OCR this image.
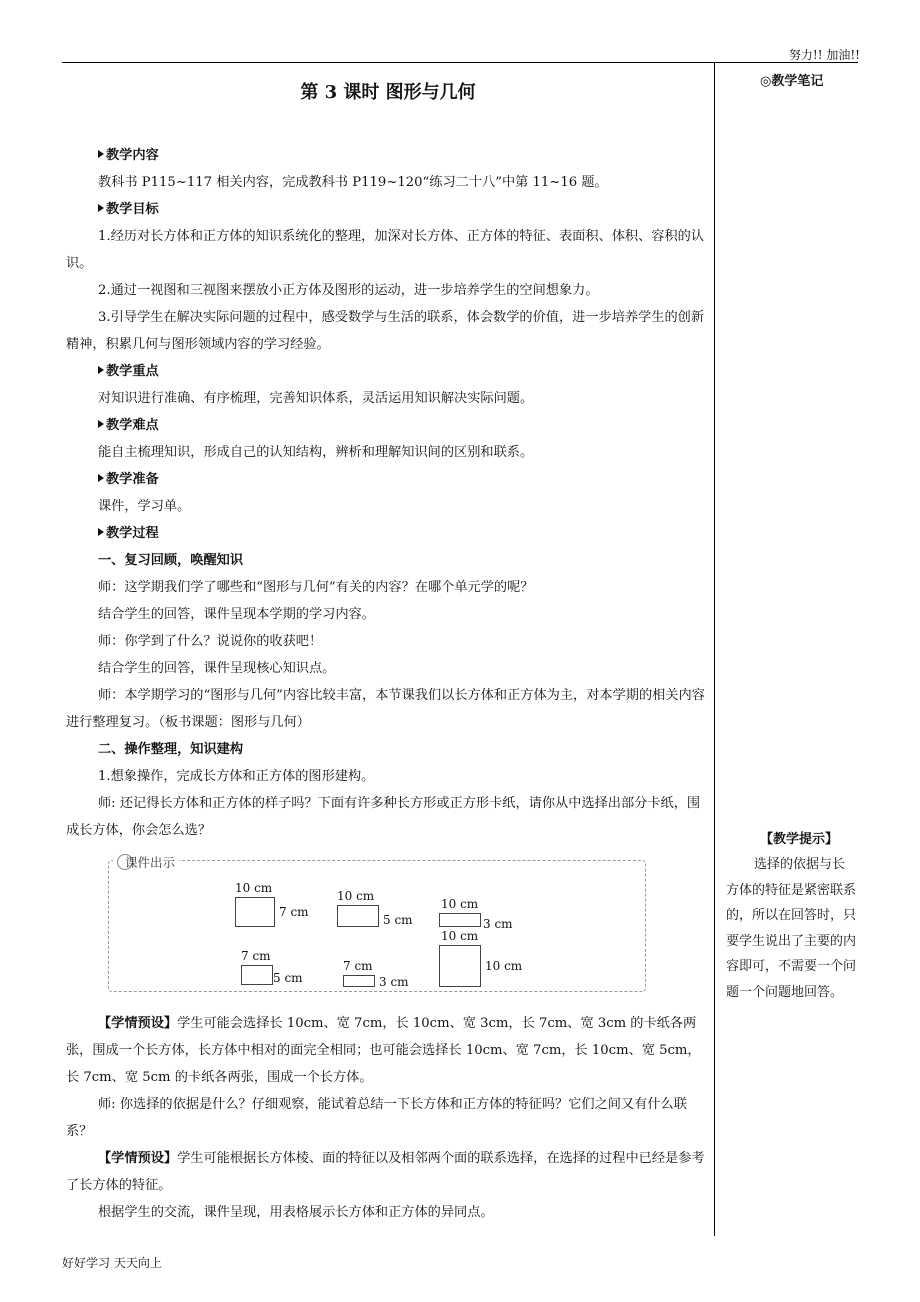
努力!! 加油!!
◎教学笔记
第 3 课时 图形与几何

教学内容

教科书 P115~117 相关内容，完成教科书 P119~120“练习二十八”中第 11~16 题。

教学目标

1.经历对长方体和正方体的知识系统化的整理，加深对长方体、正方体的特征、表面积、体积、容积的认识。

2.通过一视图和三视图来摆放小正方体及图形的运动，进一步培养学生的空间想象力。

3.引导学生在解决实际问题的过程中，感受数学与生活的联系，体会数学的价值，进一步培养学生的创新精神，积累几何与图形领域内容的学习经验。

教学重点

对知识进行准确、有序梳理，完善知识体系，灵活运用知识解决实际问题。

教学难点

能自主梳理知识，形成自己的认知结构，辨析和理解知识间的区别和联系。

教学准备

课件，学习单。

教学过程

一、复习回顾，唤醒知识

师：这学期我们学了哪些和“图形与几何”有关的内容？在哪个单元学的呢？

结合学生的回答，课件呈现本学期的学习内容。

师：你学到了什么？说说你的收获吧！

结合学生的回答，课件呈现核心知识点。

师：本学期学习的“图形与几何”内容比较丰富，本节课我们以长方体和正方体为主，对本学期的相关内容进行整理复习。（板书课题：图形与几何）

二、操作整理，知识建构

1.想象操作，完成长方体和正方体的图形建构。

师: 还记得长方体和正方体的样子吗？下面有许多种长方形或正方形卡纸，请你从中选择出部分卡纸，围成长方体，你会怎么选？

课件出示
10 cm
7 cm
10 cm
5 cm
10 cm
3 cm
7 cm
5 cm
7 cm
3 cm
10 cm
10 cm

【学情预设】学生可能会选择长 10cm、宽 7cm，长 10cm、宽 3cm，长 7cm、宽 3cm 的卡纸各两张，围成一个长方体，长方体中相对的面完全相同；也可能会选择长 10cm、宽 7cm，长 10cm、宽 5cm，长 7cm、宽 5cm 的卡纸各两张，围成一个长方体。

师: 你选择的依据是什么？仔细观察，能试着总结一下长方体和正方体的特征吗？它们之间又有什么联系？

【学情预设】学生可能根据长方体棱、面的特征以及相邻两个面的联系选择，在选择的过程中已经是参考了长方体的特征。

根据学生的交流，课件呈现，用表格展示长方体和正方体的异同点。

【教学提示】
选择的依据与长方体的特征是紧密联系的，所以在回答时，只要学生说出了主要的内容即可，不需要一个问题一个问题地回答。
好好学习 天天向上
